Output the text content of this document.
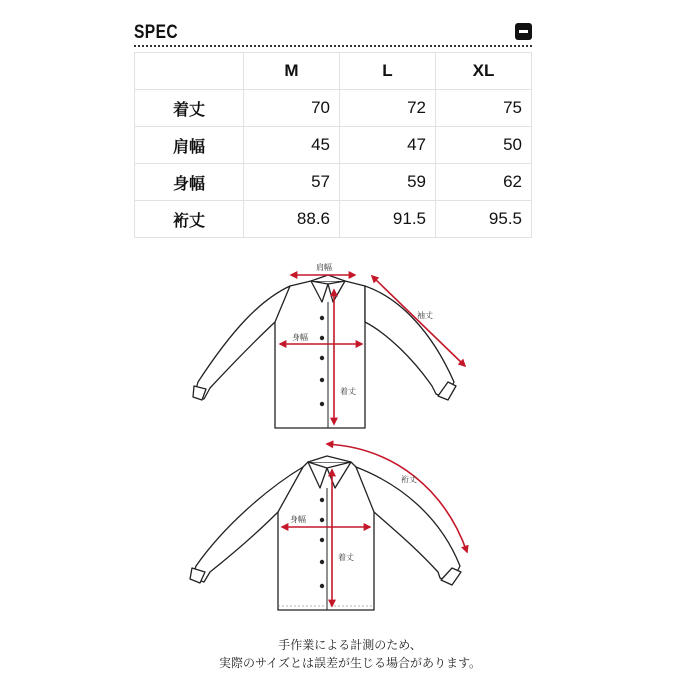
SPEC
	M	L	XL
着丈	70	72	75
肩幅	45	47	50
身幅	57	59	62
裄丈	88.6	91.5	95.5
肩幅
袖丈
身幅
着丈
裄丈
身幅
着丈
手作業による計測のため、
実際のサイズとは誤差が生じる場合があります。
